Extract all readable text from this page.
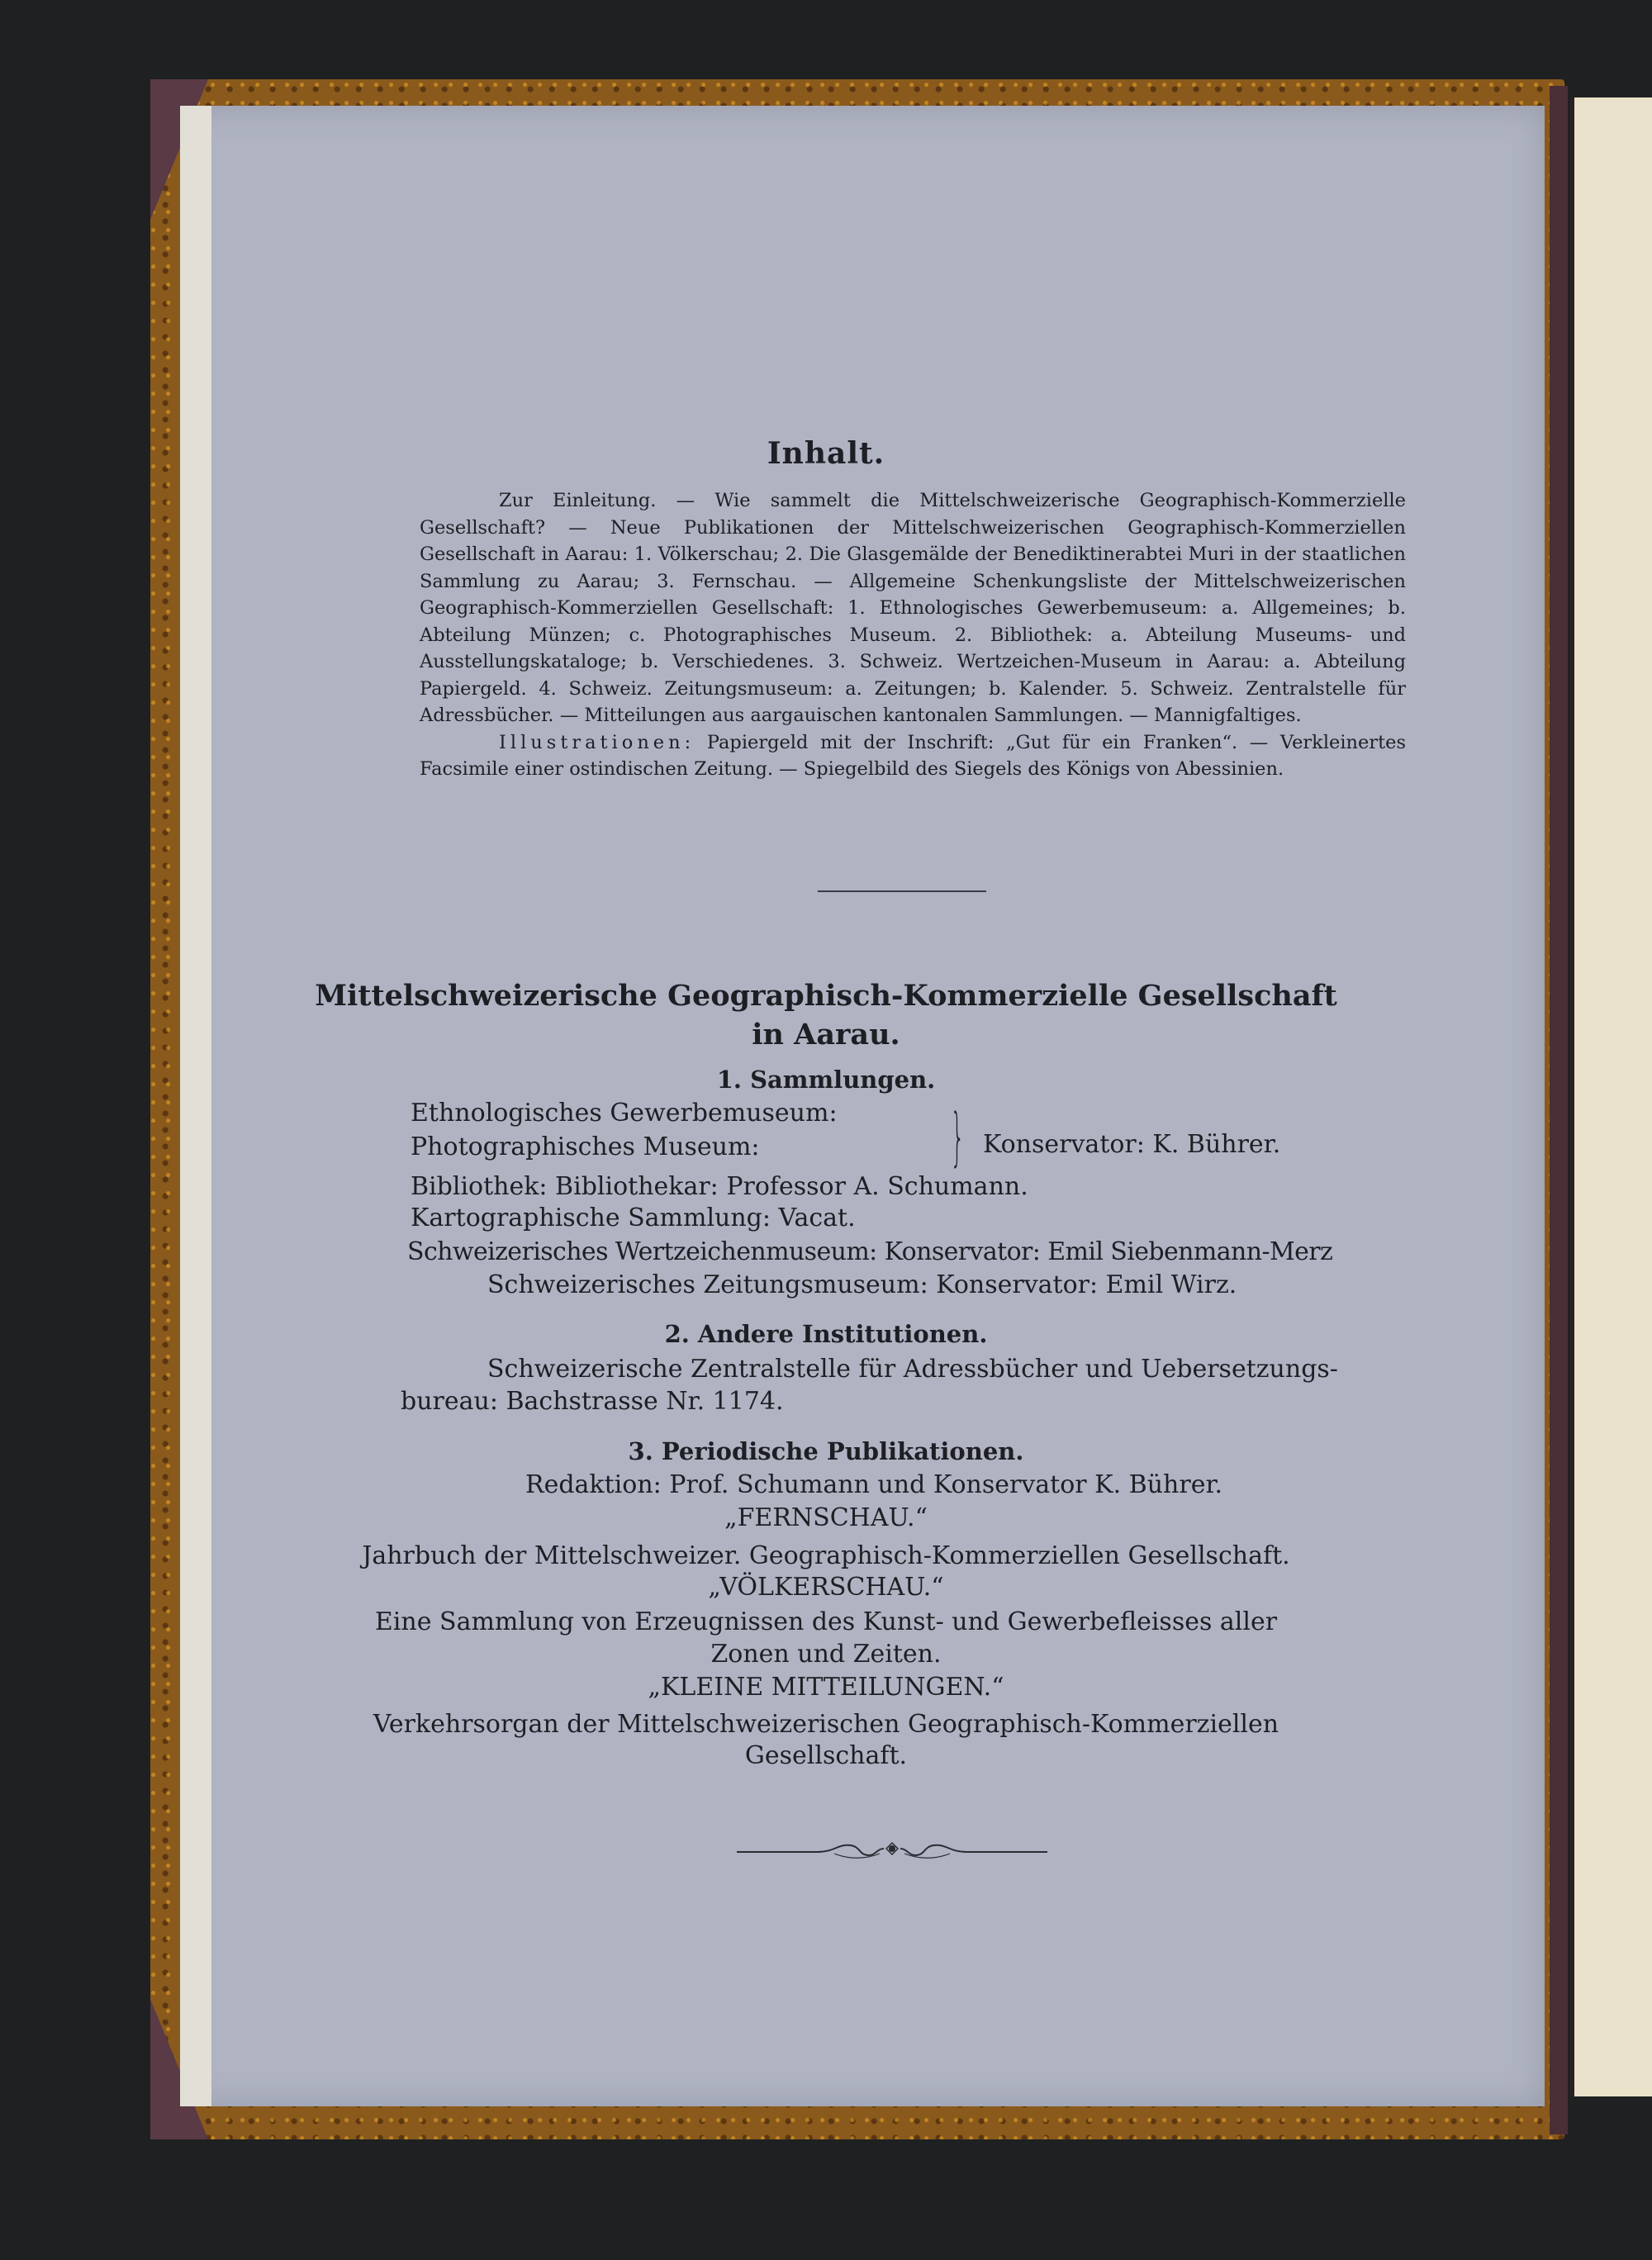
Inhalt.

Zur Einleitung. — Wie sammelt die Mittelschweizerische Geographisch-Kommerzielle Gesellschaft? — Neue Publikationen der Mittelschweizerischen Geographisch-Kommerziellen Gesellschaft in Aarau: 1. Völkerschau; 2. Die Glasgemälde der Benediktinerabtei Muri in der staatlichen Sammlung zu Aarau; 3. Fernschau. — Allgemeine Schenkungsliste der Mittelschweizerischen Geographisch-Kommerziellen Gesellschaft: 1. Ethnologisches Gewerbemuseum: a. Allgemeines; b. Abteilung Münzen; c. Photographisches Museum. 2. Bibliothek: a. Abteilung Museums- und Ausstellungskataloge; b. Verschiedenes. 3. Schweiz. Wertzeichen-Museum in Aarau: a. Abteilung Papiergeld. 4. Schweiz. Zeitungsmuseum: a. Zeitungen; b. Kalender. 5. Schweiz. Zentralstelle für Adressbücher. — Mitteilungen aus aargauischen kantonalen Sammlungen. — Mannigfaltiges.

Illustrationen: Papiergeld mit der Inschrift: „Gut für ein Franken“. — Verkleinertes Facsimile einer ostindischen Zeitung. — Spiegelbild des Siegels des Königs von Abessinien.

Mittelschweizerische Geographisch-Kommerzielle Gesellschaft
in Aarau.
1. Sammlungen.
Ethnologisches Gewerbemuseum:
Photographisches Museum:	} Konservator: K. Bührer.
Bibliothek: Bibliothekar: Professor A. Schumann.
Kartographische Sammlung: Vacat.
Schweizerisches Wertzeichenmuseum: Konservator: Emil Siebenmann-Merz
Schweizerisches Zeitungsmuseum: Konservator: Emil Wirz.
2. Andere Institutionen.
Schweizerische Zentralstelle für Adressbücher und Uebersetzungs-
bureau: Bachstrasse Nr. 1174.
3. Periodische Publikationen.
Redaktion: Prof. Schumann und Konservator K. Bührer.
„FERNSCHAU.“
Jahrbuch der Mittelschweizer. Geographisch-Kommerziellen Gesellschaft.
„VÖLKERSCHAU.“
Eine Sammlung von Erzeugnissen des Kunst- und Gewerbefleisses aller
Zonen und Zeiten.
„KLEINE MITTEILUNGEN.“
Verkehrsorgan der Mittelschweizerischen Geographisch-Kommerziellen
Gesellschaft.
